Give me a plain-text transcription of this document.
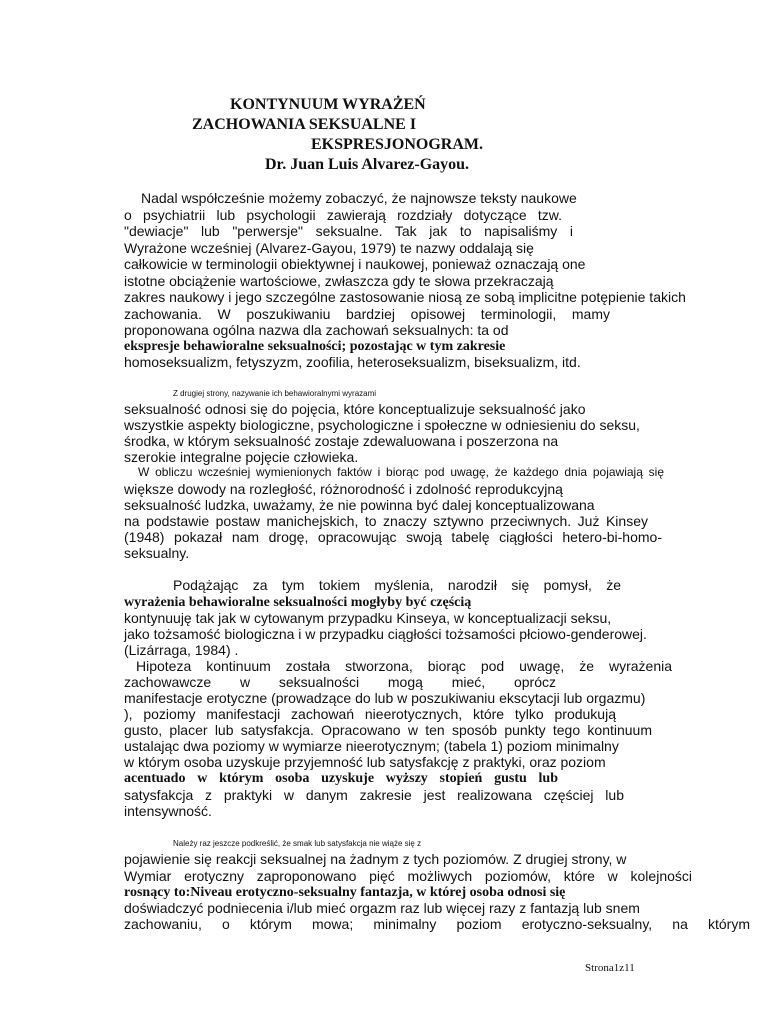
KONTYNUUM WYRAŻEŃ
ZACHOWANIA SEKSUALNE I
EKSPRESJONOGRAM.
Dr. Juan Luis Alvarez-Gayou.

Nadal współcześnie możemy zobaczyć, że najnowsze teksty naukowe

o psychiatrii lub psychologii zawierają rozdziały dotyczące tzw.

"dewiacje" lub "perwersje" seksualne. Tak jak to napisaliśmy i

Wyrażone wcześniej (Alvarez-Gayou, 1979) te nazwy oddalają się

całkowicie w terminologii obiektywnej i naukowej, ponieważ oznaczają one

istotne obciążenie wartościowe, zwłaszcza gdy te słowa przekraczają

zakres naukowy i jego szczególne zastosowanie niosą ze sobą implicitne potępienie takich

zachowania. W poszukiwaniu bardziej opisowej terminologii, mamy

proponowana ogólna nazwa dla zachowań seksualnych: ta od

ekspresje behawioralne seksualności; pozostając w tym zakresie

homoseksualizm, fetyszyzm, zoofilia, heteroseksualizm, biseksualizm, itd.

Z drugiej strony, nazywanie ich behawioralnymi wyrazami

seksualność odnosi się do pojęcia, które konceptualizuje seksualność jako

wszystkie aspekty biologiczne, psychologiczne i społeczne w odniesieniu do seksu,

środka, w którym seksualność zostaje zdewaluowana i poszerzona na

szerokie integralne pojęcie człowieka.

W obliczu wcześniej wymienionych faktów i biorąc pod uwagę, że każdego dnia pojawiają się

większe dowody na rozległość, różnorodność i zdolność reprodukcyjną

seksualność ludzka, uważamy, że nie powinna być dalej konceptualizowana

na podstawie postaw manichejskich, to znaczy sztywno przeciwnych. Już Kinsey

(1948) pokazał nam drogę, opracowując swoją tabelę ciągłości hetero-bi-homo-

seksualny.

Podążając za tym tokiem myślenia, narodził się pomysł, że

wyrażenia behawioralne seksualności mogłyby być częścią

kontynuuję tak jak w cytowanym przypadku Kinseya, w konceptualizacji seksu,

jako tożsamość biologiczna i w przypadku ciągłości tożsamości płciowo-genderowej.

(Lizárraga, 1984) .

Hipoteza kontinuum została stworzona, biorąc pod uwagę, że wyrażenia

zachowawcze w seksualności mogą mieć, oprócz

manifestacje erotyczne (prowadzące do lub w poszukiwaniu ekscytacji lub orgazmu)

), poziomy manifestacji zachowań nieerotycznych, które tylko produkują

gusto, placer lub satysfakcja. Opracowano w ten sposób punkty tego kontinuum

ustalając dwa poziomy w wymiarze nieerotycznym; (tabela 1) poziom minimalny

w którym osoba uzyskuje przyjemność lub satysfakcję z praktyki, oraz poziom

acentuado w którym osoba uzyskuje wyższy stopień gustu lub

satysfakcja z praktyki w danym zakresie jest realizowana częściej lub

intensywność.

Należy raz jeszcze podkreślić, że smak lub satysfakcja nie wiąże się z

pojawienie się reakcji seksualnej na żadnym z tych poziomów. Z drugiej strony, w

Wymiar erotyczny zaproponowano pięć możliwych poziomów, które w kolejności

rosnący to:Niveau erotyczno-seksualny fantazja, w której osoba odnosi się

doświadczyć podniecenia i/lub mieć orgazm raz lub więcej razy z fantazją lub snem

zachowaniu, o którym mowa; minimalny poziom erotyczno-seksualny, na którym

Strona1z11
